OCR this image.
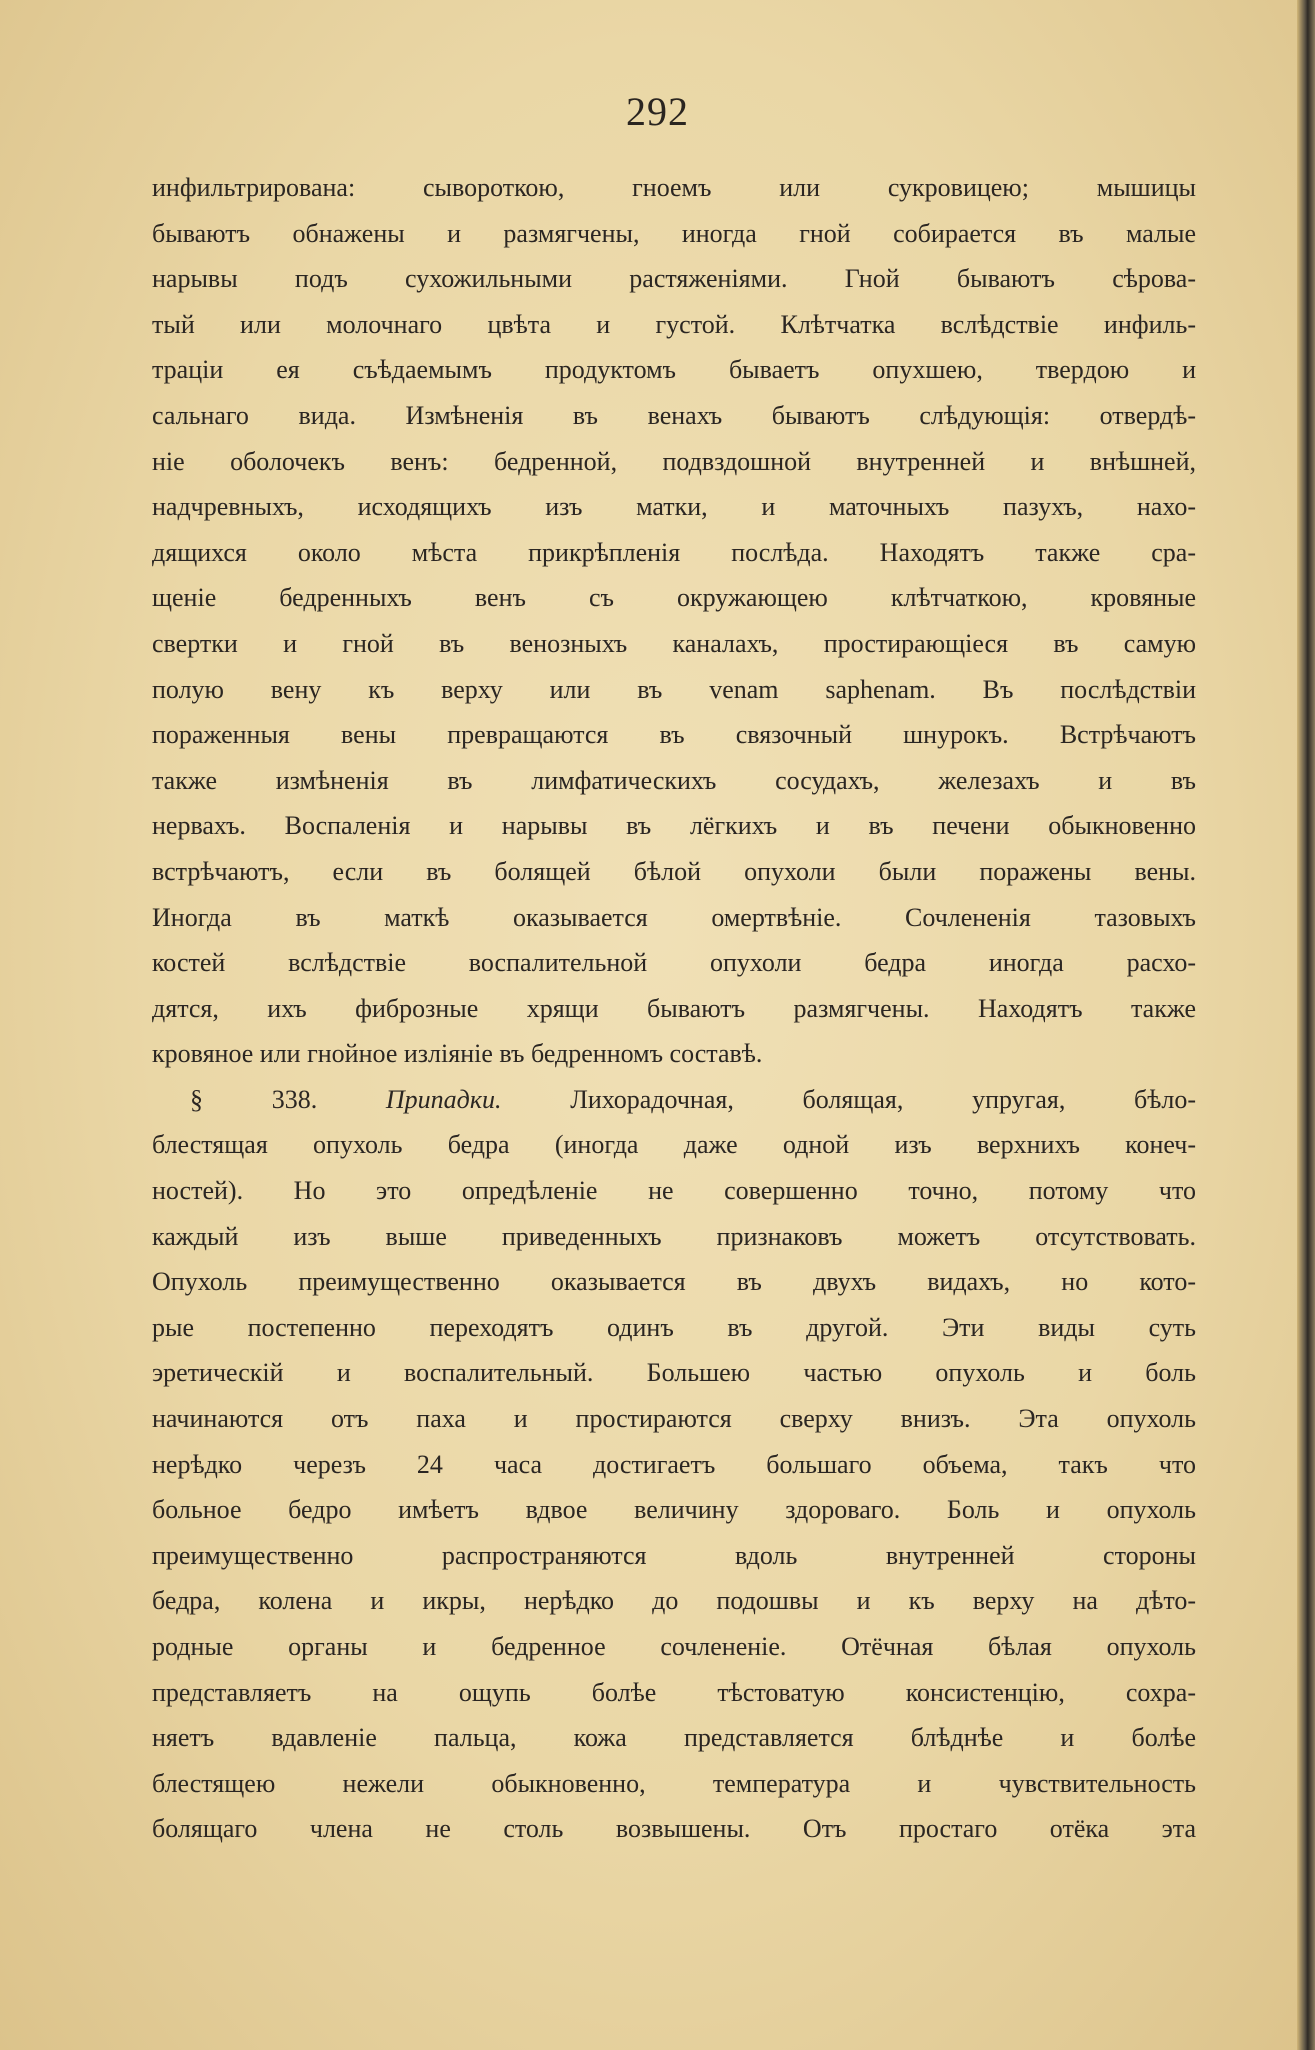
292
инфильтрирована: сывороткою, гноемъ или сукровицею; мышицы
бываютъ обнажены и размягчены, иногда гной собирается въ малые
нарывы подъ сухожильными растяженіями. Гной бываютъ сѣрова-
тый или молочнаго цвѣта и густой. Клѣтчатка вслѣдствіе инфиль-
траціи ея съѣдаемымъ продуктомъ бываетъ опухшею, твердою и
сальнаго вида. Измѣненія въ венахъ бываютъ слѣдующія: отвердѣ-
ніе оболочекъ венъ: бедренной, подвздошной внутренней и внѣшней,
надчревныхъ, исходящихъ изъ матки, и маточныхъ пазухъ, нахо-
дящихся около мѣста прикрѣпленія послѣда. Находятъ также сра-
щеніе бедренныхъ венъ съ окружающею клѣтчаткою, кровяные
свертки и гной въ венозныхъ каналахъ, простирающіеся въ самую
полую вену къ верху или въ venam saphenam. Въ послѣдствіи
пораженныя вены превращаются въ связочный шнурокъ. Встрѣчаютъ
также измѣненія въ лимфатическихъ сосудахъ, железахъ и въ
нервахъ. Воспаленія и нарывы въ лёгкихъ и въ печени обыкновенно
встрѣчаютъ, если въ болящей бѣлой опухоли были поражены вены.
Иногда въ маткѣ оказывается омертвѣніе. Сочлененія тазовыхъ
костей вслѣдствіе воспалительной опухоли бедра иногда расхо-
дятся, ихъ фиброзные хрящи бываютъ размягчены. Находятъ также
кровяное или гнойное изліяніе въ бедренномъ составѣ.
§ 338.	Припадки.	Лихорадочная, болящая, упругая, бѣло-
блестящая опухоль бедра (иногда даже одной изъ верхнихъ конеч-
ностей). Но это опредѣленіе не совершенно точно, потому что
каждый изъ выше приведенныхъ признаковъ можетъ отсутствовать.
Опухоль преимущественно оказывается въ двухъ видахъ, но кото-
рые постепенно переходятъ одинъ въ другой. Эти виды суть
эретическій и воспалительный. Большею частью опухоль и боль
начинаются отъ паха и простираются сверху внизъ. Эта опухоль
нерѣдко черезъ 24 часа достигаетъ большаго объема, такъ что
больное бедро имѣетъ вдвое величину здороваго. Боль и опухоль
преимущественно распространяются вдоль внутренней стороны
бедра, колена и икры, нерѣдко до подошвы и къ верху на дѣто-
родные органы и бедренное сочлененіе. Отёчная бѣлая опухоль
представляетъ на ощупь болѣе тѣстоватую консистенцію, сохра-
няетъ вдавленіе пальца, кожа представляется блѣднѣе и болѣе
блестящею нежели обыкновенно, температура и чувствительность
болящаго члена не столь возвышены. Отъ простаго отёка эта
